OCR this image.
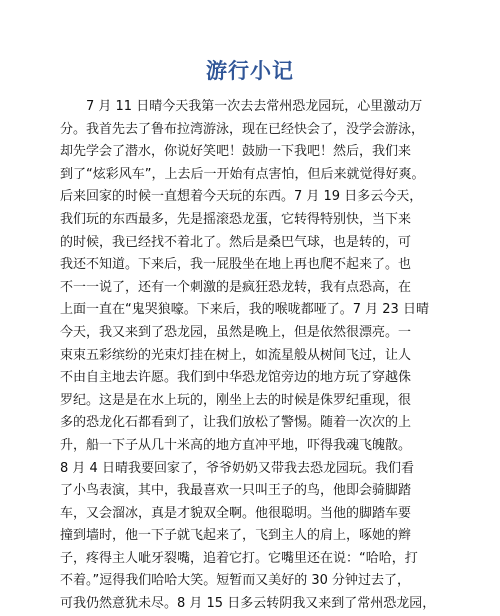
游行小记
　　7 月 11 日晴今天我第一次去去常州恐龙园玩，心里激动万
分。我首先去了鲁布拉湾游泳，现在已经快会了，没学会游泳，
却先学会了潜水，你说好笑吧！鼓励一下我吧！然后，我们来
到了“炫彩风车”，上去后一开始有点害怕，但后来就觉得好爽。
后来回家的时候一直想着今天玩的东西。7 月 19 日多云今天，
我们玩的东西最多，先是摇滚恐龙蛋，它转得特别快，当下来
的时候，我已经找不着北了。然后是桑巴气球，也是转的，可
我还不知道。下来后，我一屁股坐在地上再也爬不起来了。也
不一一说了，还有一个刺激的是疯狂恐龙转，我有点恐高，在
上面一直在“鬼哭狼嚎。下来后，我的喉咙都哑了。7 月 23 日晴
今天，我又来到了恐龙园，虽然是晚上，但是依然很漂亮。一
束束五彩缤纷的光束灯挂在树上，如流星般从树间飞过，让人
不由自主地去许愿。我们到中华恐龙馆旁边的地方玩了穿越侏
罗纪。这是是在水上玩的，刚坐上去的时候是侏罗纪重现，很
多的恐龙化石都看到了，让我们放松了警惕。随着一次次的上
升，船一下子从几十米高的地方直冲平地，吓得我魂飞魄散。
8 月 4 日晴我要回家了，爷爷奶奶又带我去恐龙园玩。我们看
了小鸟表演，其中，我最喜欢一只叫王子的鸟，他即会骑脚踏
车，又会溜冰，真是才貌双全啊。他很聪明。当他的脚踏车要
撞到墙时，他一下子就飞起来了，飞到主人的肩上，啄她的辫
子，疼得主人呲牙裂嘴，追着它打。它嘴里还在说：“哈哈，打
不着。”逗得我们哈哈大笑。短暂而又美好的 30 分钟过去了，
可我仍然意犹未尽。8 月 15 日多云转阴我又来到了常州恐龙园，
